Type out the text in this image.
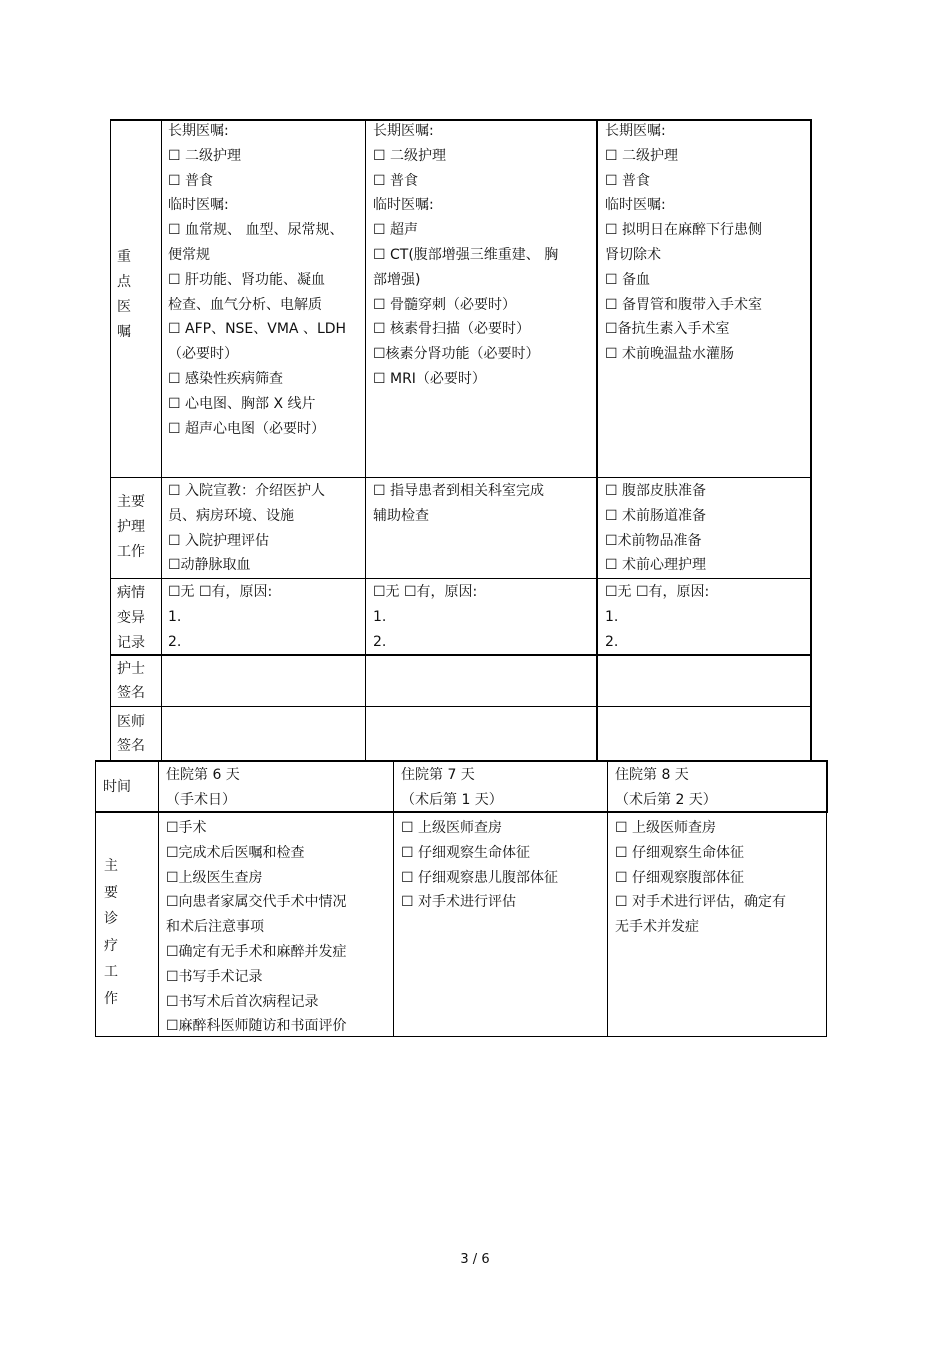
重点医嘱
长期医嘱:
☐ 二级护理
☐ 普食
临时医嘱:
☐ 血常规、 血型、尿常规、
便常规
☐ 肝功能、肾功能、凝血
检查、血气分析、电解质
☐ AFP、NSE、VMA 、LDH
（必要时）
☐ 感染性疾病筛查
☐ 心电图、胸部 X 线片
☐ 超声心电图（必要时）
长期医嘱:
☐ 二级护理
☐ 普食
临时医嘱:
☐ 超声
☐ CT(腹部增强三维重建、 胸
部增强)
☐ 骨髓穿刺（必要时）
☐ 核素骨扫描（必要时）
☐核素分肾功能（必要时）
☐ MRI（必要时）
长期医嘱:
☐ 二级护理
☐ 普食
临时医嘱:
☐ 拟明日在麻醉下行患侧
肾切除术
☐ 备血
☐ 备胃管和腹带入手术室
☐备抗生素入手术室
☐ 术前晚温盐水灌肠
主要护理工作
☐ 入院宣教：介绍医护人
员、病房环境、设施
☐ 入院护理评估
☐动静脉取血
☐ 指导患者到相关科室完成
辅助检查
☐ 腹部皮肤准备
☐ 术前肠道准备
☐术前物品准备
☐ 术前心理护理
病情变异记录
☐无 ☐有，原因:
1.
2.
☐无 ☐有，原因:
1.
2.
☐无 ☐有，原因:
1.
2.
护士签名
医师签名
时间
住院第 6 天
（手术日）
住院第 7 天
（术后第 1 天）
住院第 8 天
（术后第 2 天）
主要诊疗工作
☐手术
☐完成术后医嘱和检查
☐上级医生查房
☐向患者家属交代手术中情况
和术后注意事项
☐确定有无手术和麻醉并发症
☐书写手术记录
☐书写术后首次病程记录
☐麻醉科医师随访和书面评价
☐ 上级医师查房
☐ 仔细观察生命体征
☐ 仔细观察患儿腹部体征
☐ 对手术进行评估
☐ 上级医师查房
☐ 仔细观察生命体征
☐ 仔细观察腹部体征
☐ 对手术进行评估，确定有
无手术并发症
3 / 6
